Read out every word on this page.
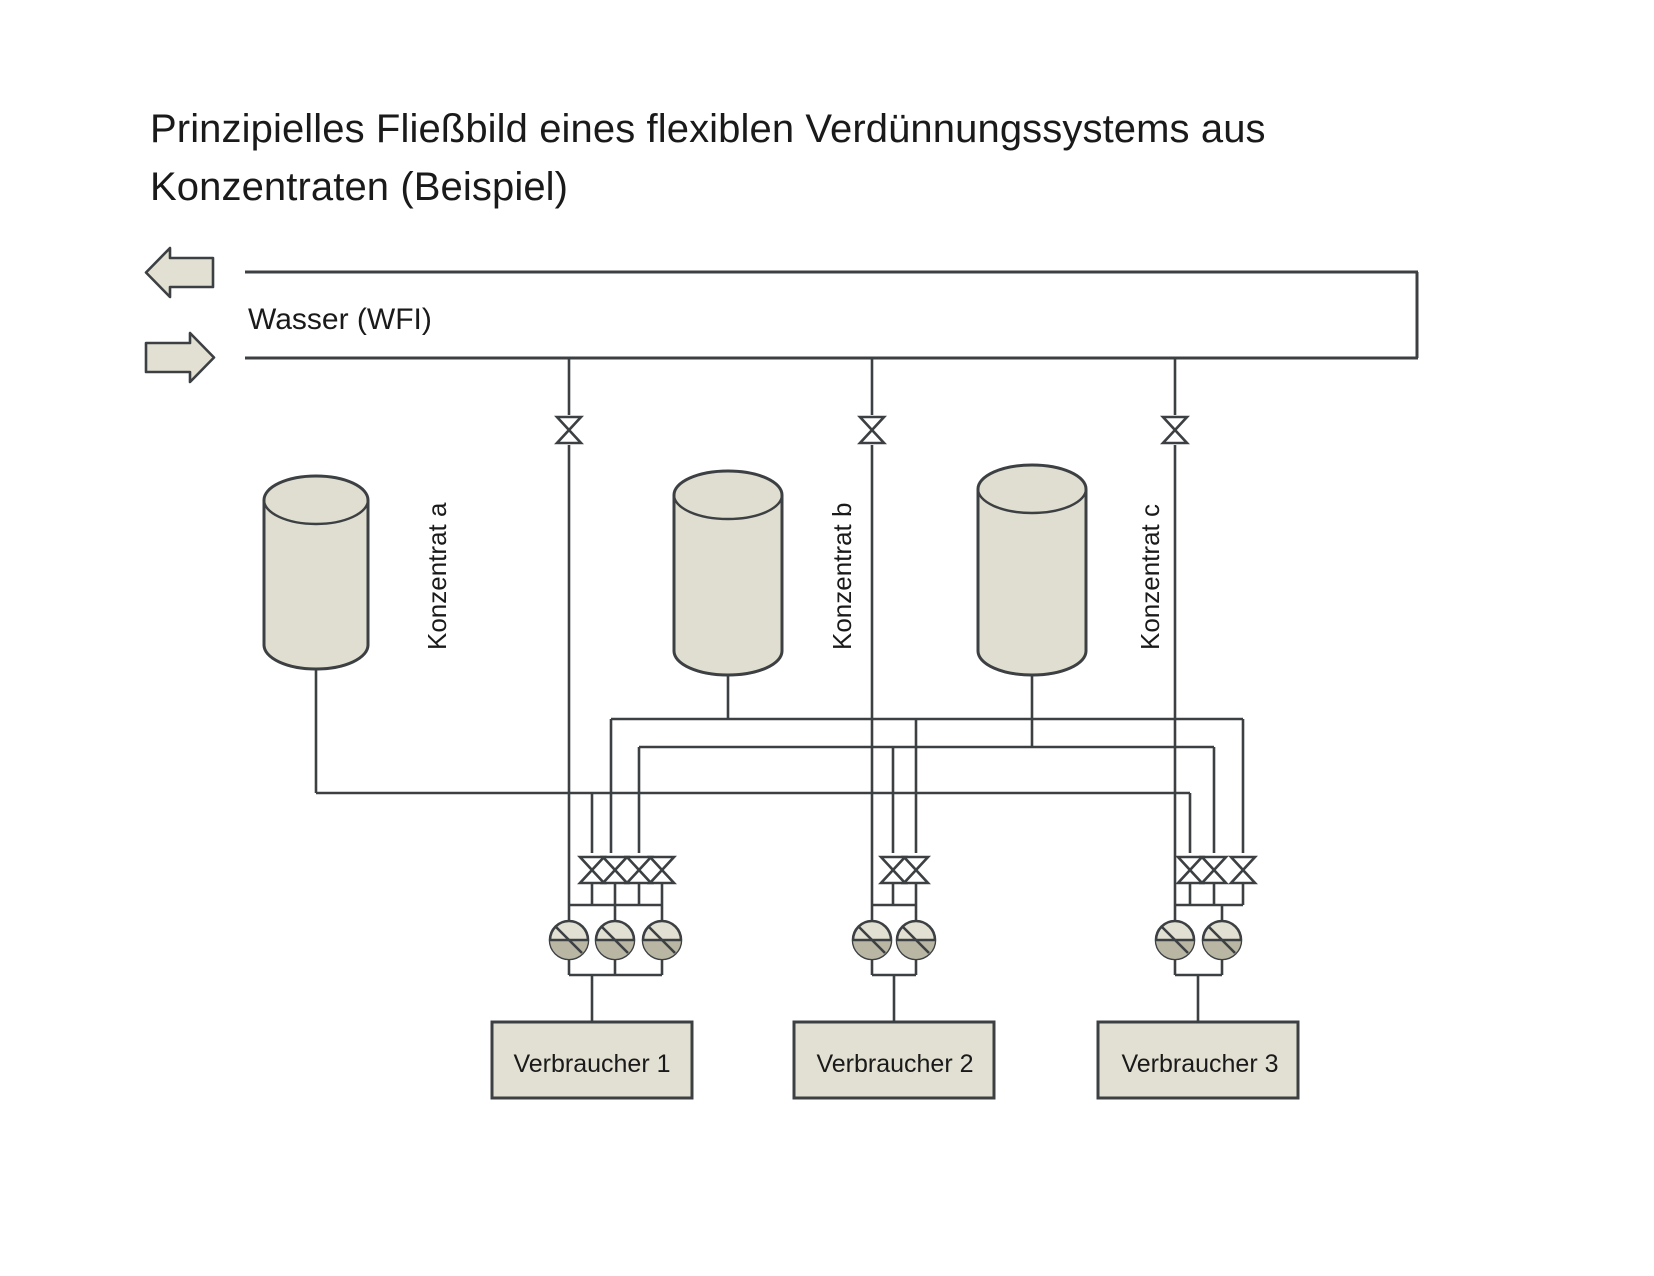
Prinzipielles Fließbild eines flexiblen Verdünnungssystems aus Konzentraten (Beispiel)
Wasser (WFI)
Konzentrat a	Konzentrat b	Konzentrat c
Verbraucher 1	Verbraucher 2	Verbraucher 3
